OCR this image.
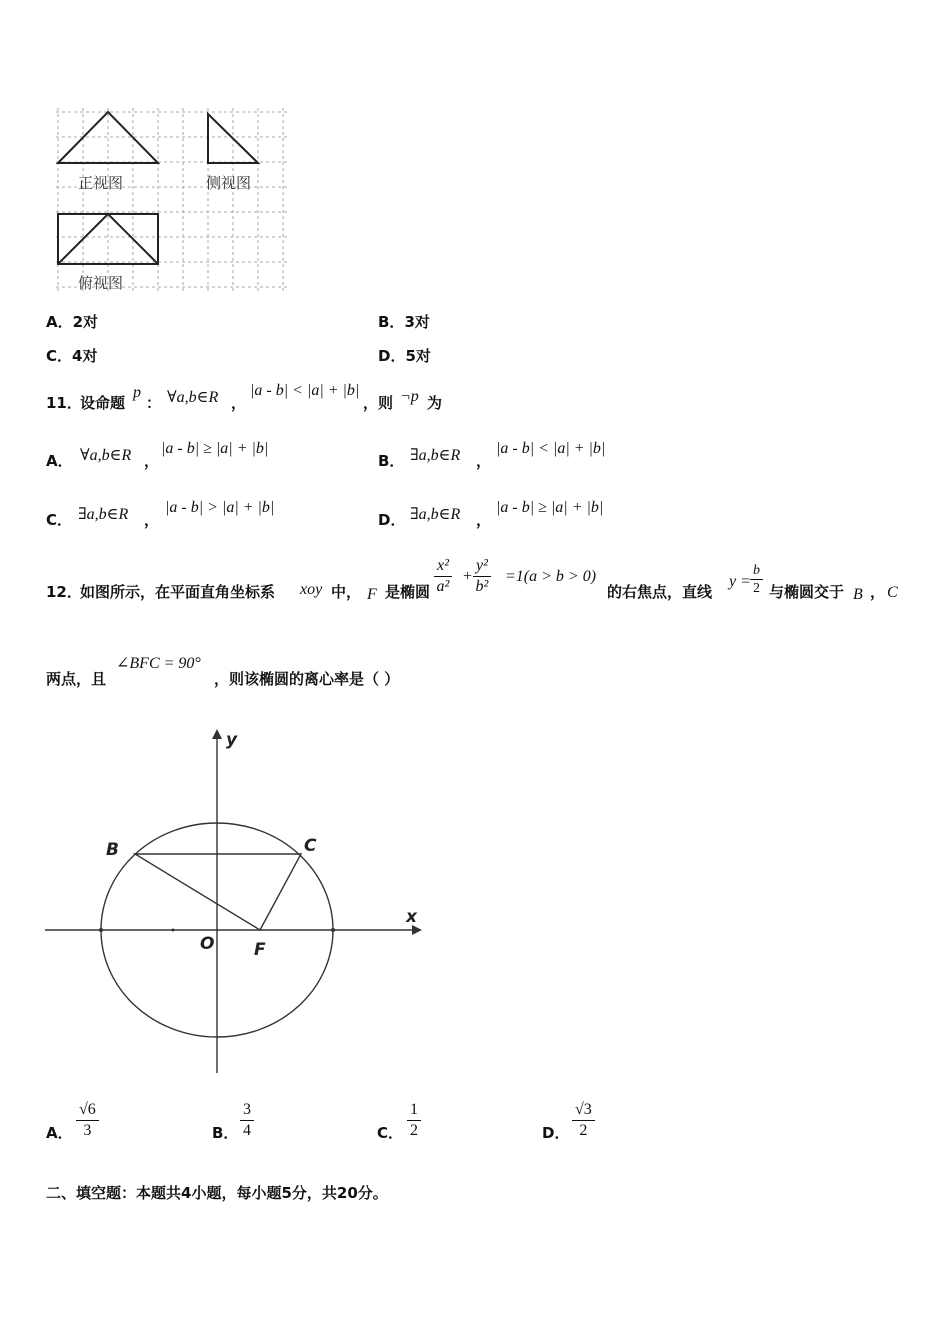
正视图	侧视图
俯视图
A．2对	B．3对
C．4对	D．5对
11．
设命题
p
： ∀a,b∈R ，
|a - b| < |a| + |b|
，则 ¬p 为
A． ∀a,b∈R ，
|a - b| ≥ |a| + |b|
B． ∃a,b∈R ，
|a - b| < |a| + |b|
C． ∃a,b∈R ，
|a - b| > |a| + |b|
D． ∃a,b∈R ，
|a - b| ≥ |a| + |b|
12．
如图所示，在平面直角坐标系 xoy 中， F 是椭圆 $\frac{\text{x²}}{\text{a²}} + \frac{\text{y²}}{\text{b²}} =1(a > b > 0)$
的右焦点，直线
$y = \frac{b}{2}$ 与椭圆交于 B ， C
两点，且
∠BFC = 90°
，则该椭圆的离心率是（ ）
y
x
B	C
O F
A． $\frac{√6}{3}$	B． $\frac{3}{4}$	C． $\frac{1}{2}$	D． $\frac{√3}{2}$
二、填空题：本题共4小题，每小题5分，共20分。
